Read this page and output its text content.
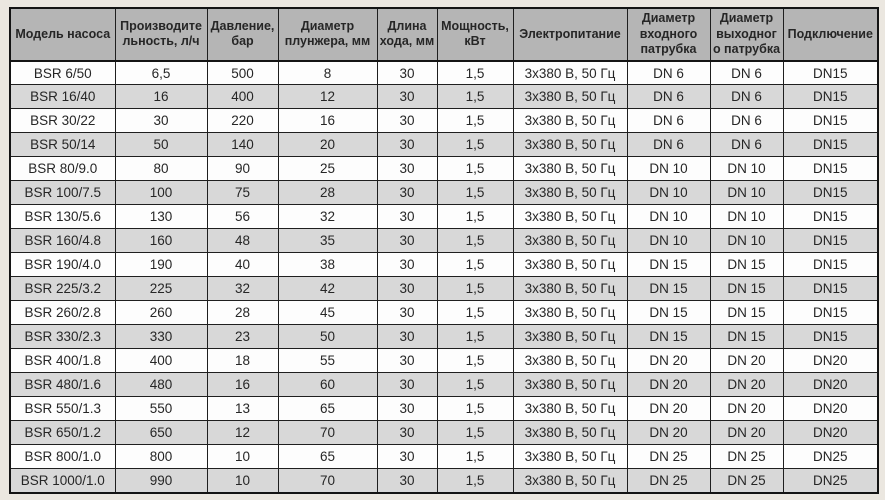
Модель насоса	Производительность, л/ч	Давление, бар	Диаметр плунжера, мм	Длина хода, мм	Мощность, кВт	Электропитание	Диаметр входного патрубка	Диаметр выходного патрубка	Подключение
BSR 6/50	6,5	500	8	30	1,5	3х380 В, 50 Гц	DN 6	DN 6	DN15
BSR 16/40	16	400	12	30	1,5	3х380 В, 50 Гц	DN 6	DN 6	DN15
BSR 30/22	30	220	16	30	1,5	3х380 В, 50 Гц	DN 6	DN 6	DN15
BSR 50/14	50	140	20	30	1,5	3х380 В, 50 Гц	DN 6	DN 6	DN15
BSR 80/9.0	80	90	25	30	1,5	3х380 В, 50 Гц	DN 10	DN 10	DN15
BSR 100/7.5	100	75	28	30	1,5	3х380 В, 50 Гц	DN 10	DN 10	DN15
BSR 130/5.6	130	56	32	30	1,5	3х380 В, 50 Гц	DN 10	DN 10	DN15
BSR 160/4.8	160	48	35	30	1,5	3х380 В, 50 Гц	DN 10	DN 10	DN15
BSR 190/4.0	190	40	38	30	1,5	3х380 В, 50 Гц	DN 15	DN 15	DN15
BSR 225/3.2	225	32	42	30	1,5	3х380 В, 50 Гц	DN 15	DN 15	DN15
BSR 260/2.8	260	28	45	30	1,5	3х380 В, 50 Гц	DN 15	DN 15	DN15
BSR 330/2.3	330	23	50	30	1,5	3х380 В, 50 Гц	DN 15	DN 15	DN15
BSR 400/1.8	400	18	55	30	1,5	3х380 В, 50 Гц	DN 20	DN 20	DN20
BSR 480/1.6	480	16	60	30	1,5	3х380 В, 50 Гц	DN 20	DN 20	DN20
BSR 550/1.3	550	13	65	30	1,5	3х380 В, 50 Гц	DN 20	DN 20	DN20
BSR 650/1.2	650	12	70	30	1,5	3х380 В, 50 Гц	DN 20	DN 20	DN20
BSR 800/1.0	800	10	65	30	1,5	3х380 В, 50 Гц	DN 25	DN 25	DN25
BSR 1000/1.0	990	10	70	30	1,5	3х380 В, 50 Гц	DN 25	DN 25	DN25
